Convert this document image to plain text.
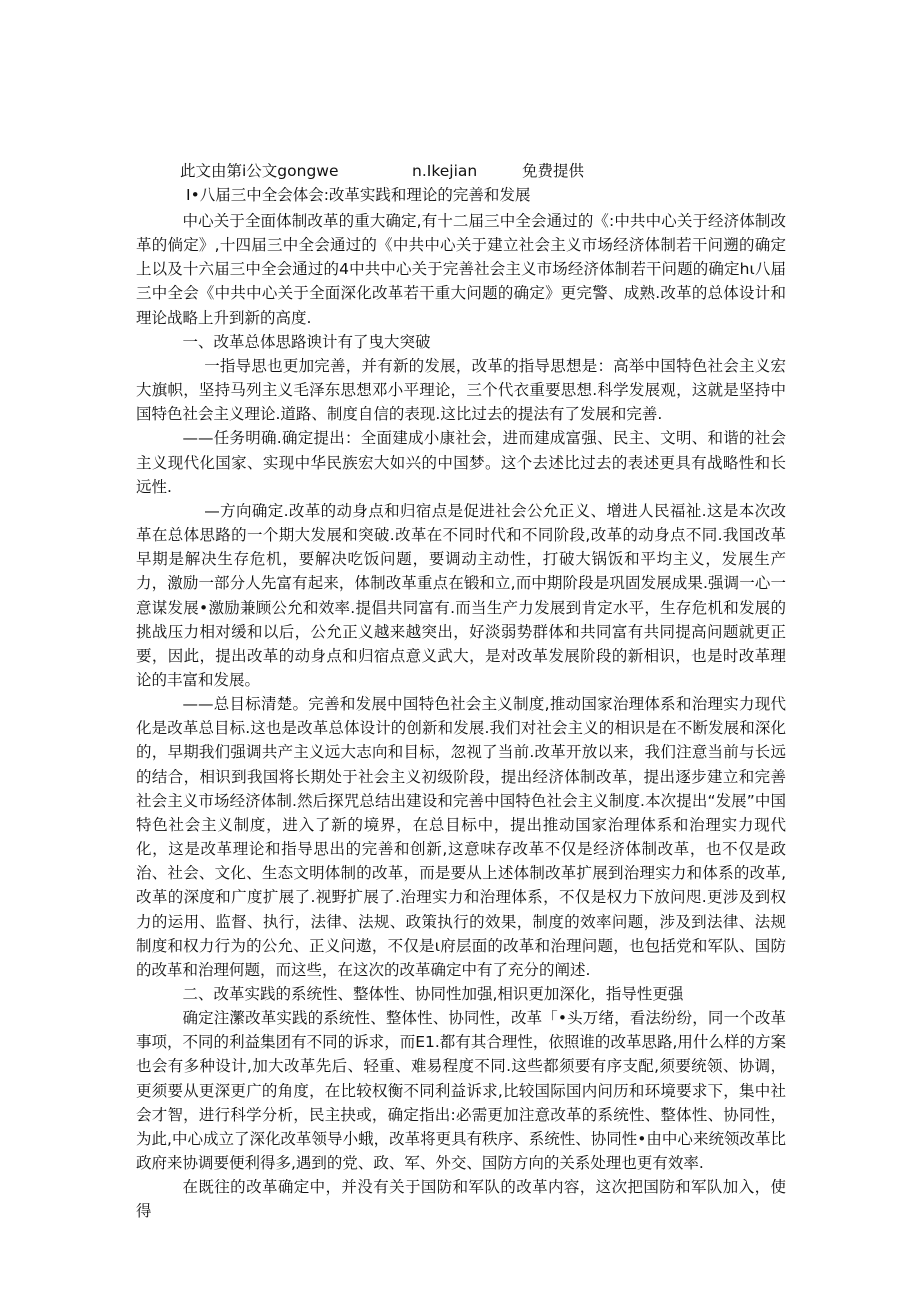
此文由第i公文gongwe	n.Ikejian	免费提供
I•八届三中全会体会:改革实践和理论的完善和发展

中心关于全面体制改革的重大确定,有十二届三中全会通过的《:中共中心关于经济体制改革的倘定》,十四届三中全会通过的《中共中心关于建立社会主义市场经济体制若干问遡的确定上以及十六届三中全会通过的4中共中心关于完善社会主义市场经济体制若干问题的确定hι八届三中全会《中共中心关于全面深化改革若干重大问题的确定》更完警、成熟.改革的总体设计和理论战略上升到新的高度.

一、改革总体思路谀计有了曳大突破

一指导思也更加完善，并有新的发展，改革的指导思想是：高举中国特色社会主义宏大旗帜，坚持马列主义毛泽东思想邓小平理论，三个代衣重要思想.科学发展观，这就是坚持中国特色社会主义理论.道路、制度自信的表现.这比过去的提法有了发展和完善.

——任务明确.确定提出：全面建成小康社会，进而建成富强、民主、文明、和谐的社会主义现代化国家、实现中华民族宏大如兴的中国梦。这个去述比过去的表述更具有战略性和长远性.

—方向确定.改革的动身点和归宿点是促进社会公允正义、增进人民福祉.这是本次改革在总体思路的一个期大发展和突破.改革在不同时代和不同阶段,改革的动身点不同.我国改革早期是解决生存危机，要解决吃饭问题，要调动主动性，打破大锅饭和平均主义，发展生产力，激励一部分人先富有起来，体制改革重点在锻和立,而中期阶段是巩固发展成果.强调一心一意谋发展•激励兼顾公允和效率.提倡共同富有.而当生产力发展到肯定水平，生存危机和发展的挑战压力相对缓和以后，公允正义越来越突出，好淡弱势群体和共同富有共同提高问题就更正要，因此，提出改革的动身点和归宿点意义武大，是对改革发展阶段的新相识，也是时改革理论的丰富和发展。

——总目标清楚。完善和发展中国特色社会主义制度,推动国家治理体系和治理实力现代化是改革总目标.这也是改革总体设计的创新和发展.我们对社会主义的相识是在不断发展和深化的，早期我们强调共产主义远大志向和目标，忽视了当前.改革开放以来，我们注意当前与长远的结合，相识到我国将长期处于社会主义初级阶段，提出经济体制改革，提出逐步建立和完善社会主义市场经济体制.然后探咒总结出建设和完善中国特色社会主义制度.本次提出“发展”中国特色社会主义制度，进入了新的境界，在总目标中，提出推动国家治理体系和治理实力现代化，这是改革理论和指导思出的完善和创新,这意味存改革不仅是经济体制改革，也不仅是政治、社会、文化、生态文明体制的改革，而是要从上述体制改革扩展到治理实力和体系的改革,改革的深度和广度扩展了.视野扩展了.治理实力和治理体系，不仅是权力下放问咫.更涉及到权力的运用、监督、执行，法律、法规、政策执行的效果，制度的效率问题，涉及到法律、法规制度和权力行为的公允、正义问遨，不仅是ι府层面的改革和治理问题，也包括党和军队、国防的改革和治理何题，而这些，在这次的改革确定中有了充分的阐述.

二、改革实践的系统性、整体性、协同性加强,相识更加深化，指导性更强

确定注瀿改革实践的系统性、整体性、协同性，改革「•头万绪，看法纷纷，同一个改革事项，不同的利益集团有不同的诉求，而E1.都有其合理性，依照谁的改革思路,用什么样的方案也会有多种设计,加大改革先后、轻重、难易程度不同.这些都须要有序支配,须要统领、协调，更须要从更深更广的角度，在比较权衡不同利益诉求,比较国际国内问历和环境要求下，集中社会才智，进行科学分析，民主抉或，确定指出:必需更加注意改革的系统性、整体性、协同性，为此,中心成立了深化改革领导小蛾，改革将更具有秩序、系统性、协同性•由中心来统领改革比政府来协调要便利得多,遇到的党、政、军、外交、国防方向的关系处理也更有效率.

在既往的改革确定中，并没有关于国防和军队的改革内容，这次把国防和军队加入，使得
